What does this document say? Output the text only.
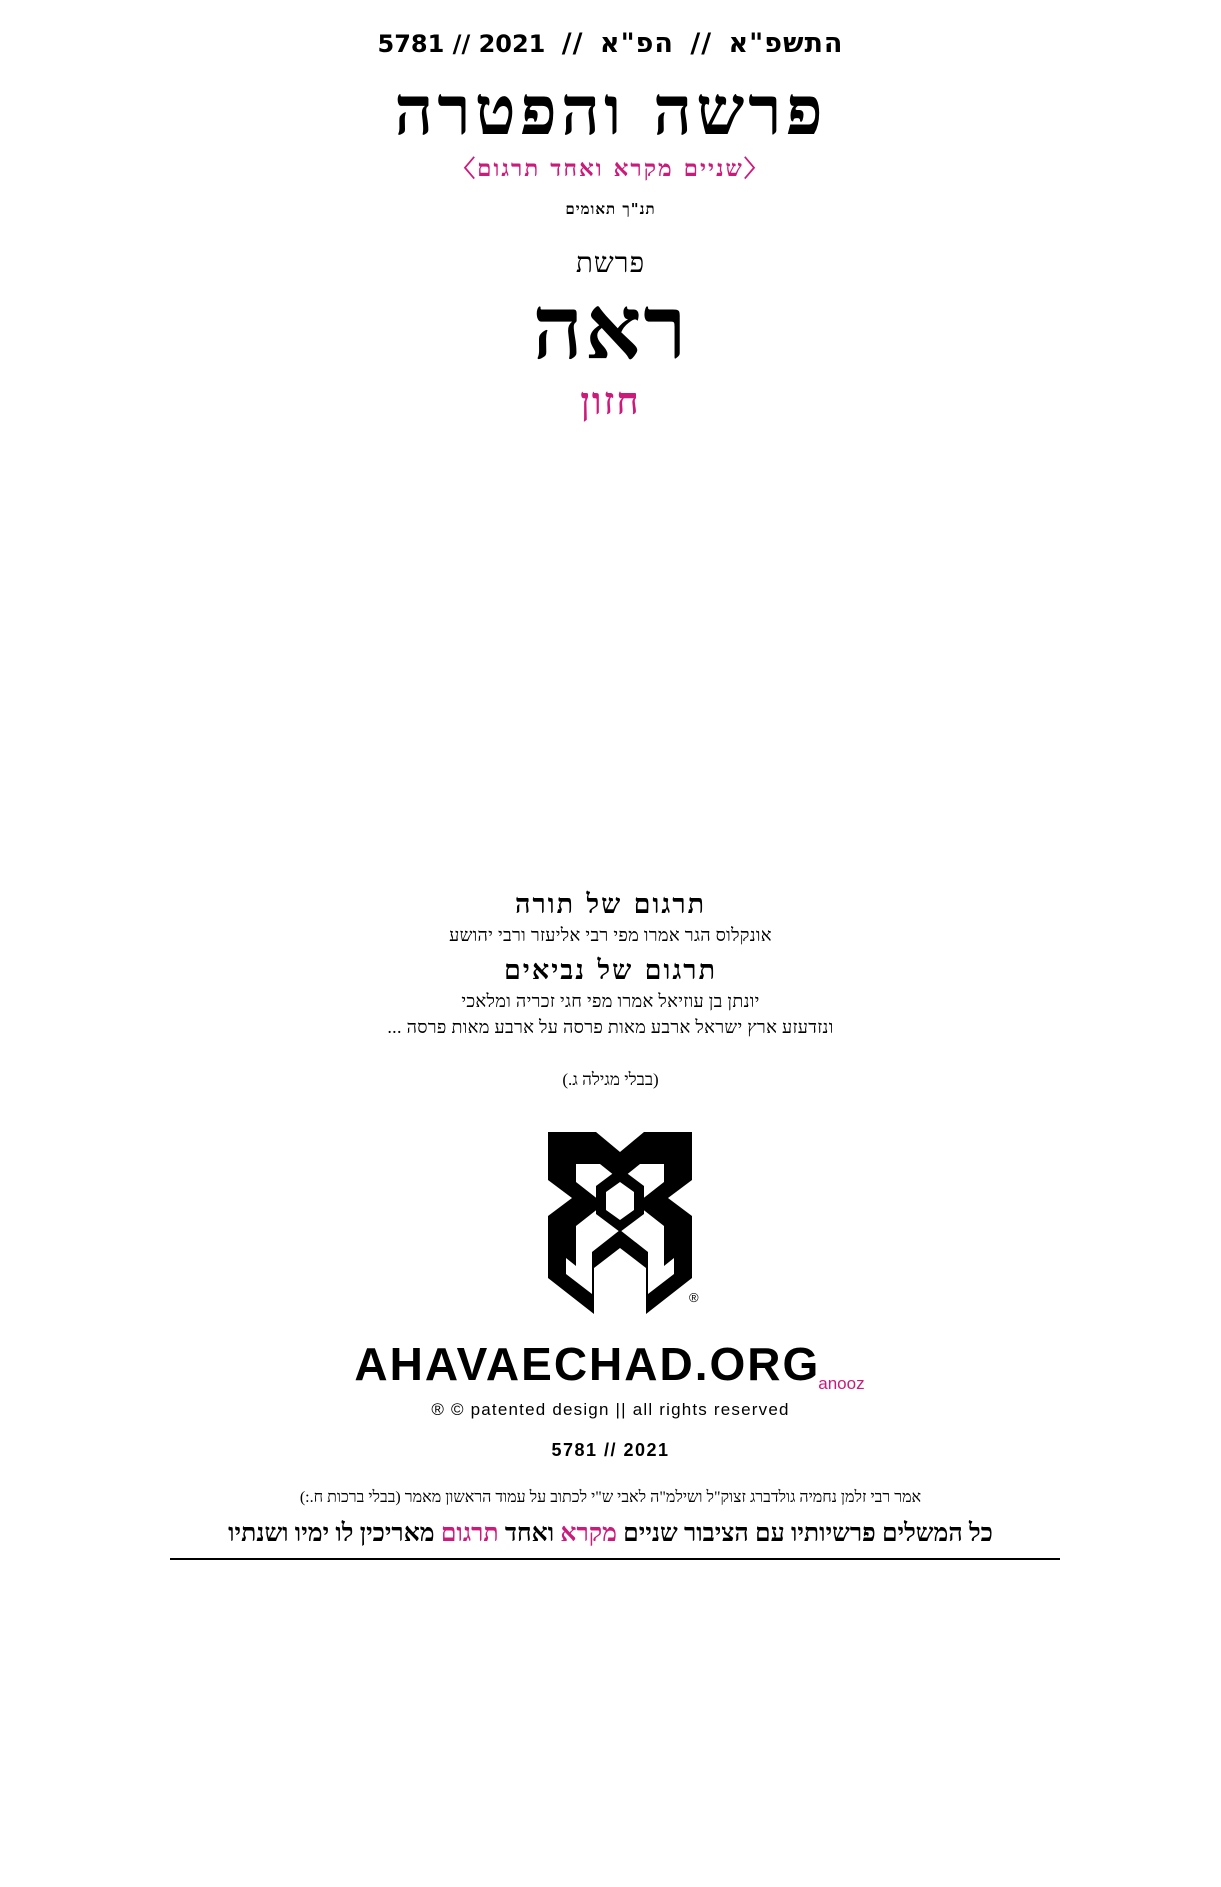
התשפ"א // הפ"א // 2021 // 5781
פרשה והפטרה
〈שניים מקרא ואחד תרגום〉
תנ"ך תאומים
פרשת
ראה
חזון
תרגום של תורה
אונקלוס הגר אמרו מפי רבי אליעזר ורבי יהושע
תרגום של נביאים
יונתן בן עוזיאל אמרו מפי חגי זכריה ומלאכי
ונזדעזע ארץ ישראל ארבע מאות פרסה על ארבע מאות פרסה ...
(בבלי מגילה ג.)
®
AHAVAECHAD.ORGanooz
® © patented design || all rights reserved
5781 // 2021
אמר רבי זלמן נחמיה גולדברג זצוק"ל ושילמ"ה לאבי ש"י לכתוב על עמוד הראשון מאמר (בבלי ברכות ח.:)
כל המשלים פרשיותיו עם הציבור שניים מקרא ואחד תרגום מאריכין לו ימיו ושנתיו
